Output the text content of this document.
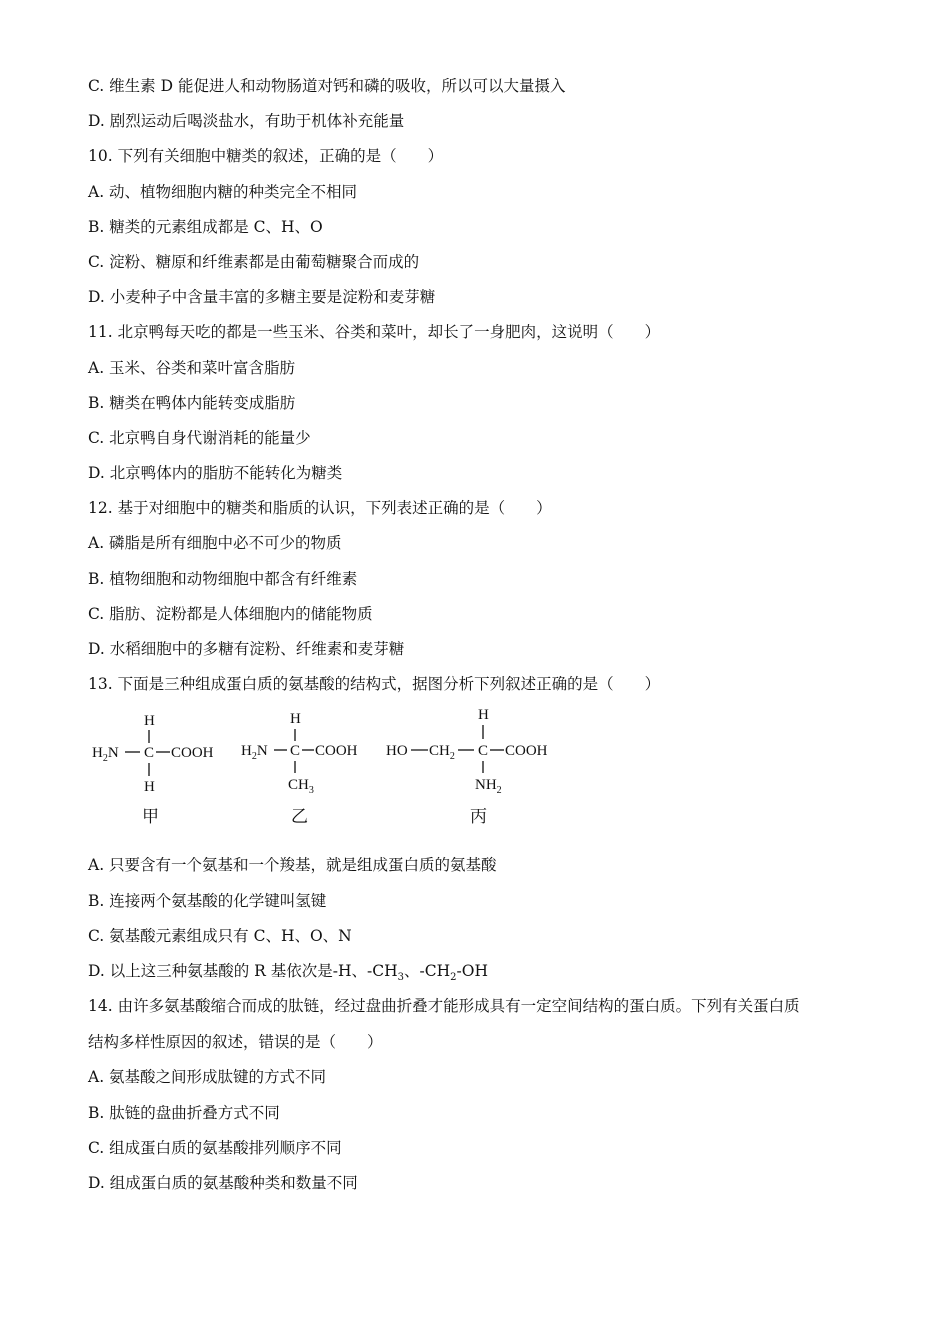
C. 维生素 D 能促进人和动物肠道对钙和磷的吸收，所以可以大量摄入
D. 剧烈运动后喝淡盐水，有助于机体补充能量
10. 下列有关细胞中糖类的叙述，正确的是（　　）
A. 动、植物细胞内糖的种类完全不相同
B. 糖类的元素组成都是 C、H、O
C. 淀粉、糖原和纤维素都是由葡萄糖聚合而成的
D. 小麦种子中含量丰富的多糖主要是淀粉和麦芽糖
11. 北京鸭每天吃的都是一些玉米、谷类和菜叶，却长了一身肥肉，这说明（　　）
A. 玉米、谷类和菜叶富含脂肪
B. 糖类在鸭体内能转变成脂肪
C. 北京鸭自身代谢消耗的能量少
D. 北京鸭体内的脂肪不能转化为糖类
12. 基于对细胞中的糖类和脂质的认识，下列表述正确的是（　　）
A. 磷脂是所有细胞中必不可少的物质
B. 植物细胞和动物细胞中都含有纤维素
C. 脂肪、淀粉都是人体细胞内的储能物质
D. 水稻细胞中的多糖有淀粉、纤维素和麦芽糖
13. 下面是三种组成蛋白质的氨基酸的结构式，据图分析下列叙述正确的是（　　）
H
$H_2N$ C COOH
H
甲
H
$H_2N$ C COOH
$CH_3$
乙
H
HO $CH_2$ C COOH
$NH_2$
丙
A. 只要含有一个氨基和一个羧基，就是组成蛋白质的氨基酸
B. 连接两个氨基酸的化学键叫氢键
C. 氨基酸元素组成只有 C、H、O、N
D. 以上这三种氨基酸的 R 基依次是-H、$-CH_3$、$-CH_2-OH$
14. 由许多氨基酸缩合而成的肽链，经过盘曲折叠才能形成具有一定空间结构的蛋白质。下列有关蛋白质
结构多样性原因的叙述，错误的是（　　）
A. 氨基酸之间形成肽键的方式不同
B. 肽链的盘曲折叠方式不同
C. 组成蛋白质的氨基酸排列顺序不同
D. 组成蛋白质的氨基酸种类和数量不同
